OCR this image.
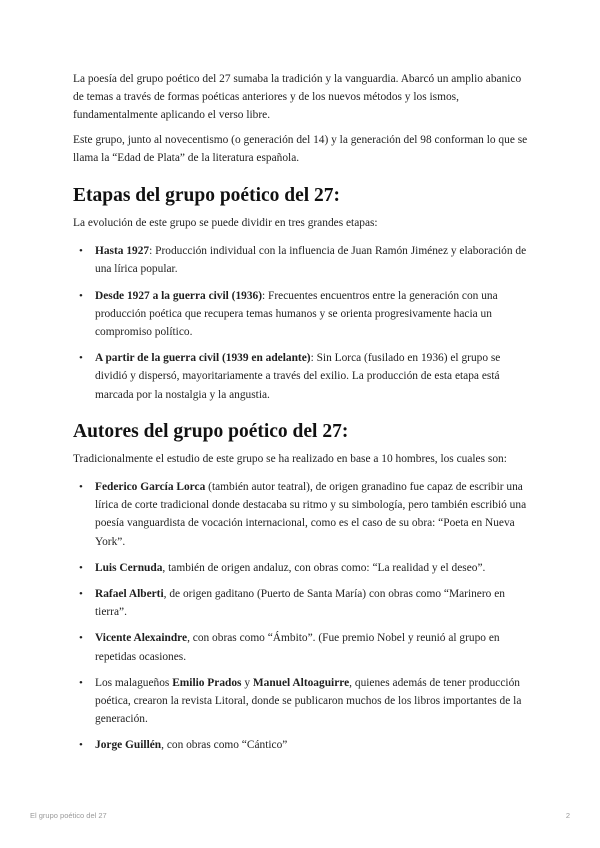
La poesía del grupo poético del 27 sumaba la tradición y la vanguardia. Abarcó un amplio abanico de temas a través de formas poéticas anteriores y de los nuevos métodos y los ismos, fundamentalmente aplicando el verso libre.

Este grupo, junto al novecentismo (o generación del 14) y la generación del 98 conforman lo que se llama la “Edad de Plata” de la literatura española.

Etapas del grupo poético del 27:

La evolución de este grupo se puede dividir en tres grandes etapas:

• Hasta 1927: Producción individual con la influencia de Juan Ramón Jiménez y elaboración de una lírica popular.
• Desde 1927 a la guerra civil (1936): Frecuentes encuentros entre la generación con una producción poética que recupera temas humanos y se orienta progresivamente hacia un compromiso político.
• A partir de la guerra civil (1939 en adelante): Sin Lorca (fusilado en 1936) el grupo se dividió y dispersó, mayoritariamente a través del exilio. La producción de esta etapa está marcada por la nostalgia y la angustia.
Autores del grupo poético del 27:

Tradicionalmente el estudio de este grupo se ha realizado en base a 10 hombres, los cuales son:

• Federico García Lorca (también autor teatral), de origen granadino fue capaz de escribir una lírica de corte tradicional donde destacaba su ritmo y su simbología, pero también escribió una poesía vanguardista de vocación internacional, como es el caso de su obra: “Poeta en Nueva York”.
• Luis Cernuda, también de origen andaluz, con obras como: “La realidad y el deseo”.
• Rafael Alberti, de origen gaditano (Puerto de Santa María) con obras como “Marinero en tierra”.
• Vicente Alexaindre, con obras como “Ámbito”. (Fue premio Nobel y reunió al grupo en repetidas ocasiones.
• Los malagueños Emilio Prados y Manuel Altoaguirre, quienes además de tener producción poética, crearon la revista Litoral, donde se publicaron muchos de los libros importantes de la generación.
• Jorge Guillén, con obras como “Cántico”
El grupo poético del 27	2
